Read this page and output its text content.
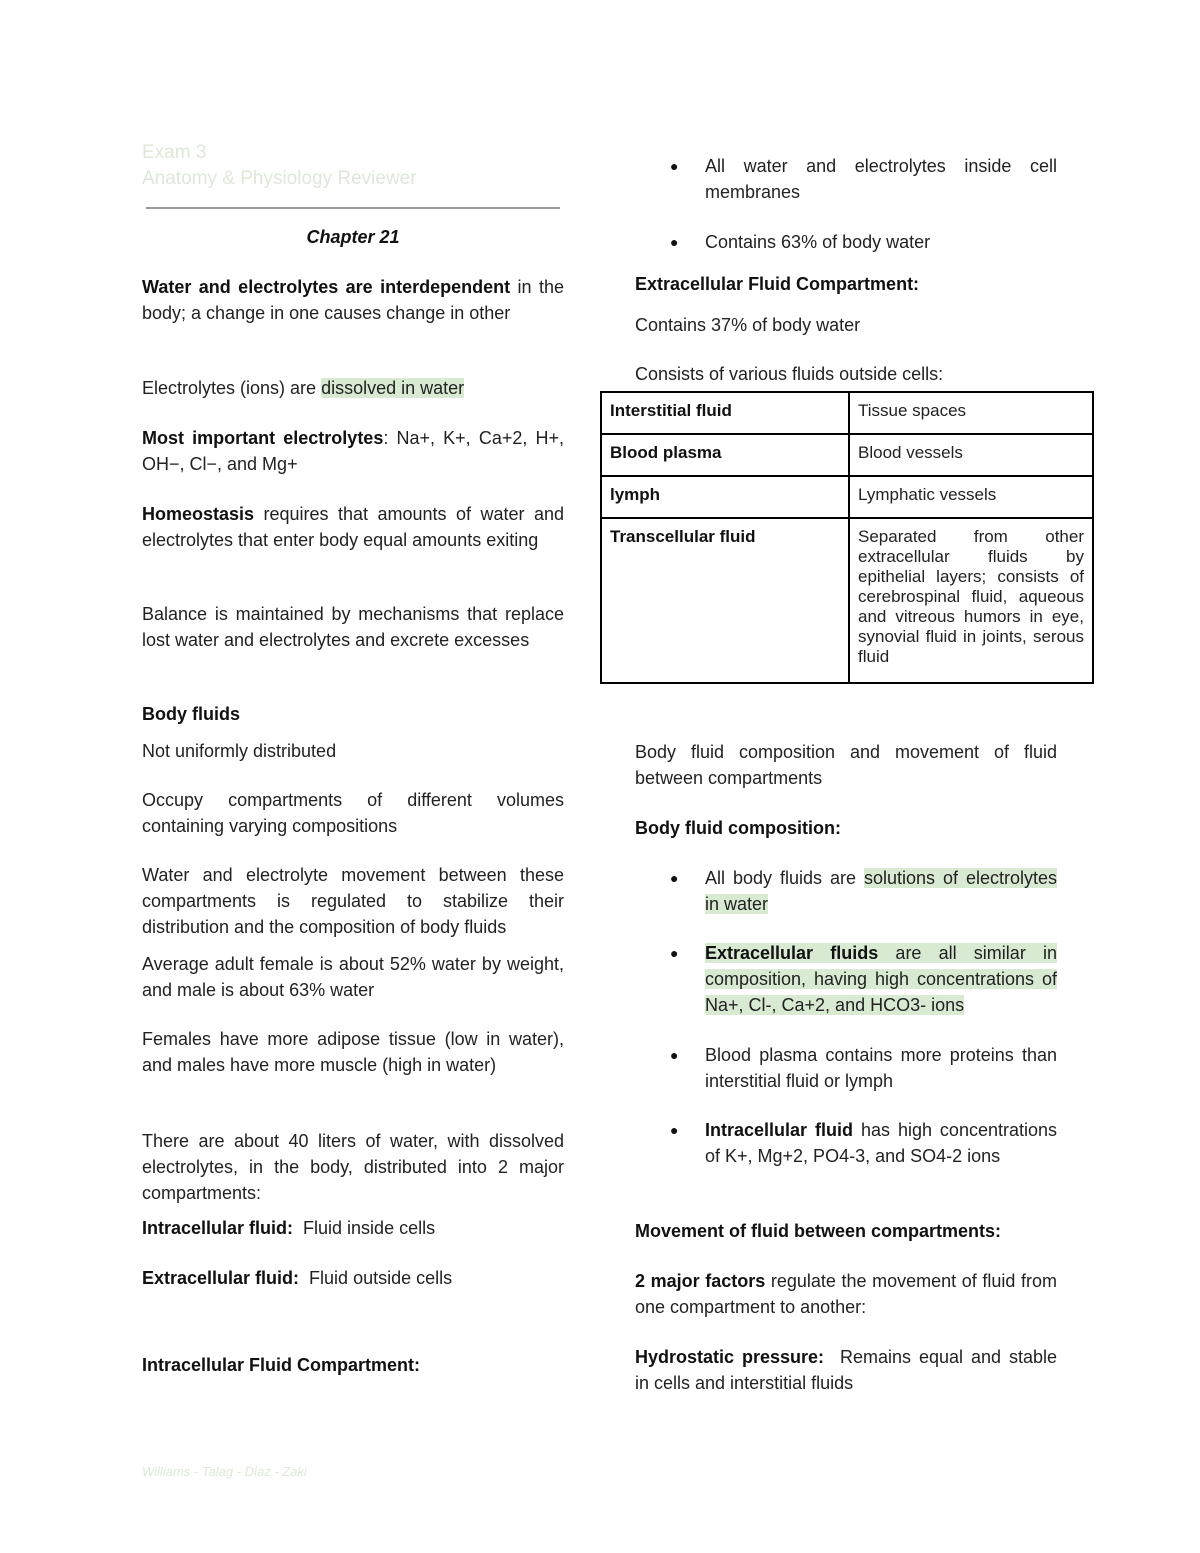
Exam 3
Anatomy & Physiology Reviewer
Chapter 21
Water and electrolytes are interdependent in the body; a change in one causes change in other
Electrolytes (ions) are dissolved in water
Most important electrolytes: Na+, K+, Ca+2, H+, OH−, Cl−, and Mg+
Homeostasis requires that amounts of water and electrolytes that enter body equal amounts exiting
Balance is maintained by mechanisms that replace lost water and electrolytes and excrete excesses
Body fluids
Not uniformly distributed
Occupy compartments of different volumes containing varying compositions
Water and electrolyte movement between these compartments is regulated to stabilize their distribution and the composition of body fluids
Average adult female is about 52% water by weight, and male is about 63% water
Females have more adipose tissue (low in water), and males have more muscle (high in water)
There are about 40 liters of water, with dissolved electrolytes, in the body, distributed into 2 major compartments:
Intracellular fluid:  Fluid inside cells
Extracellular fluid:  Fluid outside cells
Intracellular Fluid Compartment:
●	All water and electrolytes inside cell membranes
●	Contains 63% of body water
Extracellular Fluid Compartment:
Contains 37% of body water
Consists of various fluids outside cells:
Interstitial fluid	Tissue spaces
Blood plasma	Blood vessels
lymph	Lymphatic vessels
Transcellular fluid	Separated from other extracellular fluids by epithelial layers; consists of cerebrospinal fluid, aqueous and vitreous humors in eye, synovial fluid in joints, serous fluid
Body fluid composition and movement of fluid between compartments
Body fluid composition:
●	All body fluids are solutions of electrolytes in water
●	Extracellular fluids are all similar in composition, having high concentrations of Na+, Cl-, Ca+2, and HCO3- ions
●	Blood plasma contains more proteins than interstitial fluid or lymph
●	Intracellular fluid has high concentrations of K+, Mg+2, PO4-3, and SO4-2 ions
Movement of fluid between compartments:
2 major factors regulate the movement of fluid from one compartment to another:
Hydrostatic pressure:  Remains equal and stable in cells and interstitial fluids
Williams - Talag - Diaz - Zaki
